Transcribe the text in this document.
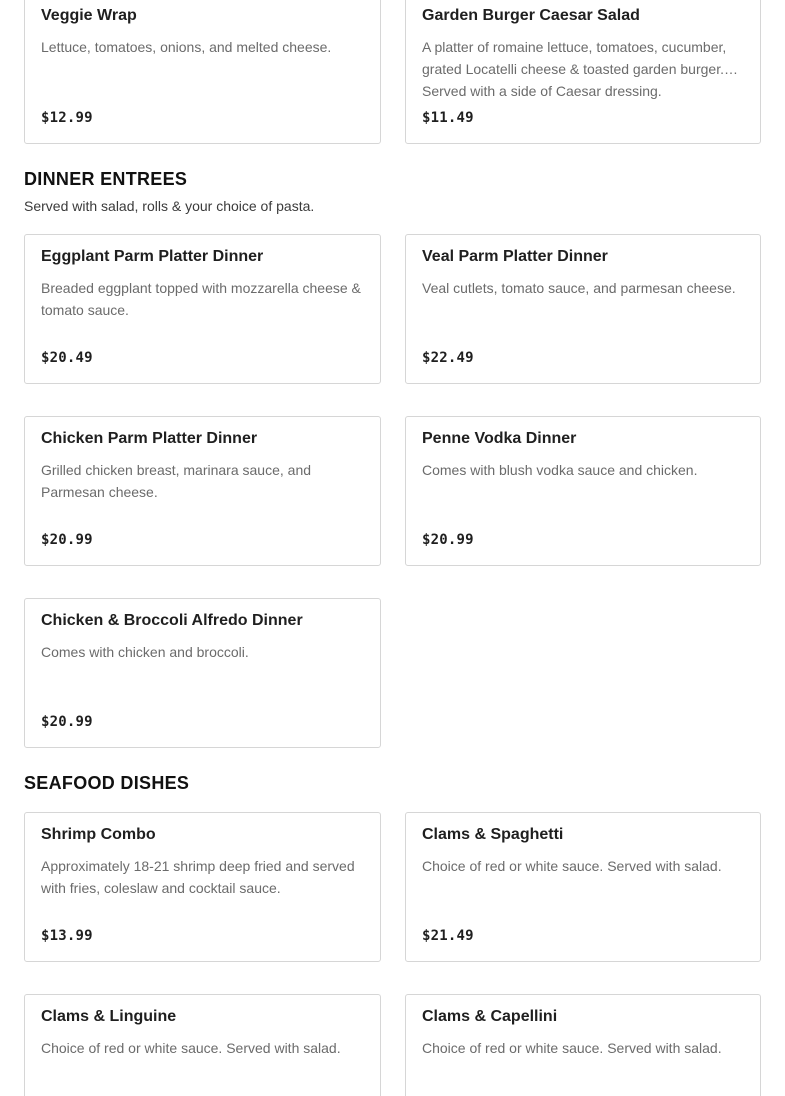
Veggie Wrap
Lettuce, tomatoes, onions, and melted cheese.
$12.99
Garden Burger Caesar Salad
A platter of romaine lettuce, tomatoes, cucumber, grated Locatelli cheese & toasted garden burger. Served with a side of Caesar dressing.
$11.49
DINNER ENTREES

Served with salad, rolls & your choice of pasta.

Eggplant Parm Platter Dinner
Breaded eggplant topped with mozzarella cheese & tomato sauce.
$20.49
Veal Parm Platter Dinner
Veal cutlets, tomato sauce, and parmesan cheese.
$22.49
Chicken Parm Platter Dinner
Grilled chicken breast, marinara sauce, and Parmesan cheese.
$20.99
Penne Vodka Dinner
Comes with blush vodka sauce and chicken.
$20.99
Chicken & Broccoli Alfredo Dinner
Comes with chicken and broccoli.
$20.99
SEAFOOD DISHES
Shrimp Combo
Approximately 18-21 shrimp deep fried and served with fries, coleslaw and cocktail sauce.
$13.99
Clams & Spaghetti
Choice of red or white sauce. Served with salad.
$21.49
Clams & Linguine
Choice of red or white sauce. Served with salad.
Clams & Capellini
Choice of red or white sauce. Served with salad.
